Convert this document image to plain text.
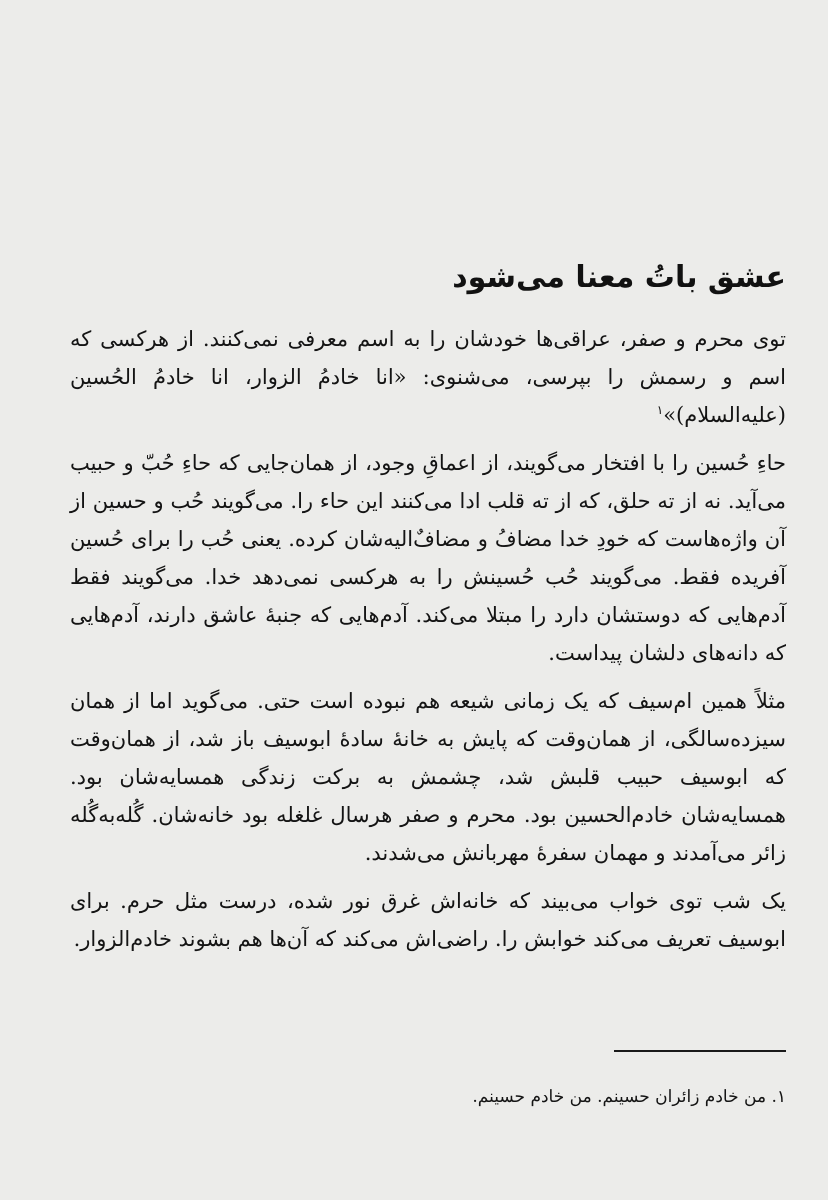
عشق باتُ معنا می‌شود

توی محرم و صفر، عراقی‌ها خودشان را به اسم معرفی نمی‌کنند. از هرکسی که اسم و رسمش را بپرسی، می‌شنوی: «انا خادمُ الزوار، انا خادمُ الحُسین (علیه‌السلام)»$^۱$

حاءِ حُسین را با افتخار می‌گویند، از اعماقِ وجود، از همان‌جایی که حاءِ حُبّ و حبیب می‌آید. نه از ته حلق، که از ته قلب ادا می‌کنند این حاء را. می‌گویند حُب و حسین از آن واژه‌هاست که خودِ خدا مضافُ و مضافٌ‌الیه‌شان کرده. یعنی حُب را برای حُسین آفریده فقط. می‌گویند حُب حُسینش را به هرکسی نمی‌دهد خدا. می‌گویند فقط آدم‌هایی که دوستشان دارد را مبتلا می‌کند. آدم‌هایی که جنبهٔ عاشق دارند، آدم‌هایی که دانه‌های دلشان پیداست.

مثلاً همین ام‌سیف که یک زمانی شیعه هم نبوده است حتی. می‌گوید اما از همان سیزده‌سالگی، از همان‌وقت که پایش به خانهٔ سادهٔ ابوسیف باز شد، از همان‌وقت که ابوسیف حبیب قلبش شد، چشمش به برکت زندگی همسایه‌شان بود. همسایه‌شان خادم‌الحسین بود. محرم و صفر هرسال غلغله بود خانه‌شان. گُله‌به‌گُله زائر می‌آمدند و مهمان سفرهٔ مهربانش می‌شدند.

یک شب توی خواب می‌بیند که خانه‌اش غرق نور شده، درست مثل حرم. برای ابوسیف تعریف می‌کند خوابش را. راضی‌اش می‌کند که آن‌ها هم بشوند خادم‌الزوار.

۱. من خادم زائران حسینم. من خادم حسینم.
